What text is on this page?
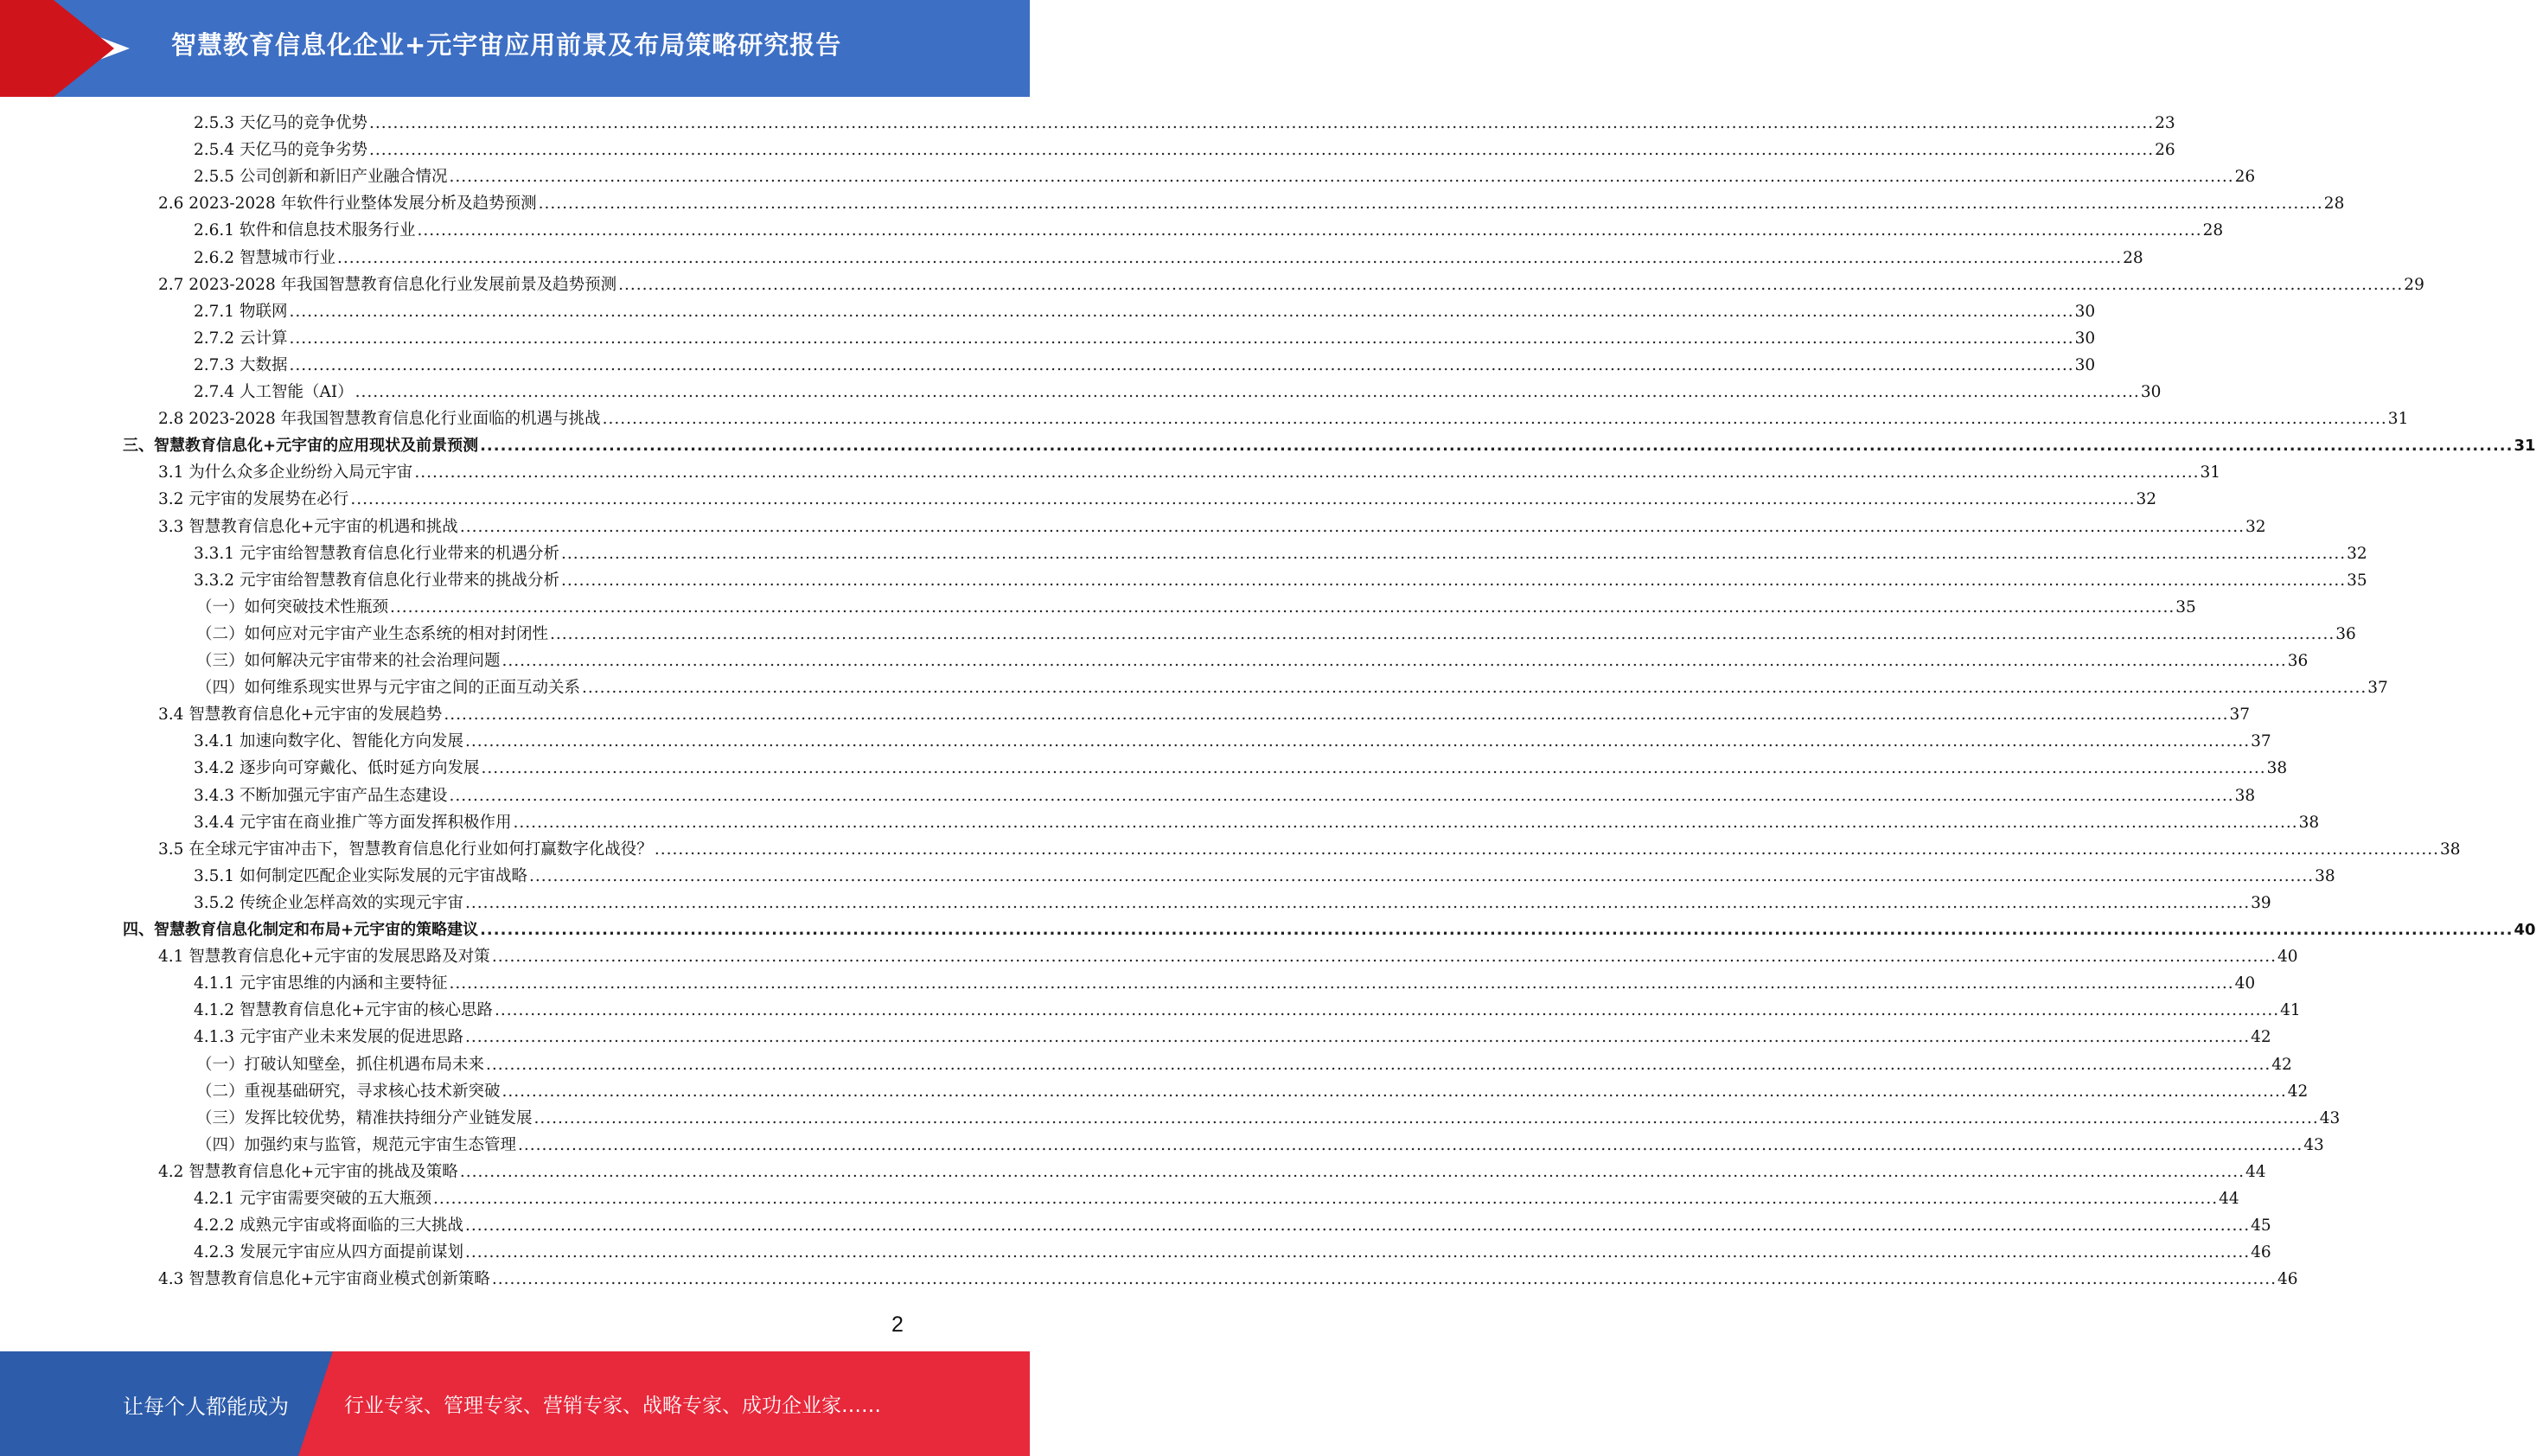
智慧教育信息化企业+元宇宙应用前景及布局策略研究报告
2.5.3 天亿马的竞争优势 ............................................................................................................................................................................................................................................................................................................ 23
2.5.4 天亿马的竞争劣势 ............................................................................................................................................................................................................................................................................................................ 26
2.5.5 公司创新和新旧产业融合情况 ............................................................................................................................................................................................................................................................................................................ 26
2.6 2023-2028 年软件行业整体发展分析及趋势预测 ............................................................................................................................................................................................................................................................................................................ 28
2.6.1 软件和信息技术服务行业 ............................................................................................................................................................................................................................................................................................................ 28
2.6.2 智慧城市行业 ............................................................................................................................................................................................................................................................................................................ 28
2.7 2023-2028 年我国智慧教育信息化行业发展前景及趋势预测 ............................................................................................................................................................................................................................................................................................................ 29
2.7.1 物联网 ............................................................................................................................................................................................................................................................................................................ 30
2.7.2 云计算 ............................................................................................................................................................................................................................................................................................................ 30
2.7.3 大数据 ............................................................................................................................................................................................................................................................................................................ 30
2.7.4 人工智能（AI） ............................................................................................................................................................................................................................................................................................................ 30
2.8 2023-2028 年我国智慧教育信息化行业面临的机遇与挑战 ............................................................................................................................................................................................................................................................................................................ 31
三、智慧教育信息化+元宇宙的应用现状及前景预测 ............................................................................................................................................................................................................................................................................................................ 31
3.1 为什么众多企业纷纷入局元宇宙 ............................................................................................................................................................................................................................................................................................................ 31
3.2 元宇宙的发展势在必行 ............................................................................................................................................................................................................................................................................................................ 32
3.3 智慧教育信息化+元宇宙的机遇和挑战 ............................................................................................................................................................................................................................................................................................................ 32
3.3.1 元宇宙给智慧教育信息化行业带来的机遇分析 ............................................................................................................................................................................................................................................................................................................ 32
3.3.2 元宇宙给智慧教育信息化行业带来的挑战分析 ............................................................................................................................................................................................................................................................................................................ 35
（一）如何突破技术性瓶颈 ............................................................................................................................................................................................................................................................................................................ 35
（二）如何应对元宇宙产业生态系统的相对封闭性 ............................................................................................................................................................................................................................................................................................................ 36
（三）如何解决元宇宙带来的社会治理问题 ............................................................................................................................................................................................................................................................................................................ 36
（四）如何维系现实世界与元宇宙之间的正面互动关系 ............................................................................................................................................................................................................................................................................................................ 37
3.4 智慧教育信息化+元宇宙的发展趋势 ............................................................................................................................................................................................................................................................................................................ 37
3.4.1 加速向数字化、智能化方向发展 ............................................................................................................................................................................................................................................................................................................ 37
3.4.2 逐步向可穿戴化、低时延方向发展 ............................................................................................................................................................................................................................................................................................................ 38
3.4.3 不断加强元宇宙产品生态建设 ............................................................................................................................................................................................................................................................................................................ 38
3.4.4 元宇宙在商业推广等方面发挥积极作用 ............................................................................................................................................................................................................................................................................................................ 38
3.5 在全球元宇宙冲击下，智慧教育信息化行业如何打赢数字化战役？ ............................................................................................................................................................................................................................................................................................................ 38
3.5.1 如何制定匹配企业实际发展的元宇宙战略 ............................................................................................................................................................................................................................................................................................................ 38
3.5.2 传统企业怎样高效的实现元宇宙 ............................................................................................................................................................................................................................................................................................................ 39
四、智慧教育信息化制定和布局+元宇宙的策略建议 ............................................................................................................................................................................................................................................................................................................ 40
4.1 智慧教育信息化+元宇宙的发展思路及对策 ............................................................................................................................................................................................................................................................................................................ 40
4.1.1 元宇宙思维的内涵和主要特征 ............................................................................................................................................................................................................................................................................................................ 40
4.1.2 智慧教育信息化+元宇宙的核心思路 ............................................................................................................................................................................................................................................................................................................ 41
4.1.3 元宇宙产业未来发展的促进思路 ............................................................................................................................................................................................................................................................................................................ 42
（一）打破认知壁垒，抓住机遇布局未来 ............................................................................................................................................................................................................................................................................................................ 42
（二）重视基础研究，寻求核心技术新突破 ............................................................................................................................................................................................................................................................................................................ 42
（三）发挥比较优势，精准扶持细分产业链发展 ............................................................................................................................................................................................................................................................................................................ 43
（四）加强约束与监管，规范元宇宙生态管理 ............................................................................................................................................................................................................................................................................................................ 43
4.2 智慧教育信息化+元宇宙的挑战及策略 ............................................................................................................................................................................................................................................................................................................ 44
4.2.1 元宇宙需要突破的五大瓶颈 ............................................................................................................................................................................................................................................................................................................ 44
4.2.2 成熟元宇宙或将面临的三大挑战 ............................................................................................................................................................................................................................................................................................................ 45
4.2.3 发展元宇宙应从四方面提前谋划 ............................................................................................................................................................................................................................................................................................................ 46
4.3 智慧教育信息化+元宇宙商业模式创新策略 ............................................................................................................................................................................................................................................................................................................ 46
2
让每个人都能成为	行业专家、管理专家、营销专家、战略专家、成功企业家……
